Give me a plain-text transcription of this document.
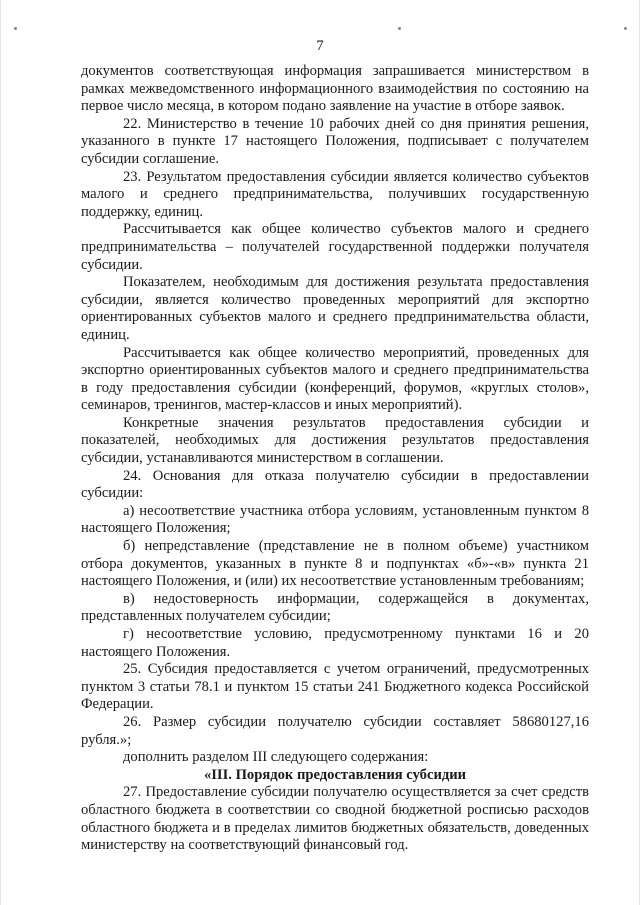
7

документов соответствующая информация запрашивается министерством в рамках межведомственного информационного взаимодействия по состоянию на первое число месяца, в котором подано заявление на участие в отборе заявок.

22. Министерство в течение 10 рабочих дней со дня принятия решения, указанного в пункте 17 настоящего Положения, подписывает с получателем субсидии соглашение.

23. Результатом предоставления субсидии является количество субъектов малого и среднего предпринимательства, получивших государственную поддержку, единиц.

Рассчитывается как общее количество субъектов малого и среднего предпринимательства – получателей государственной поддержки получателя субсидии.

Показателем, необходимым для достижения результата предоставления субсидии, является количество проведенных мероприятий для экспортно ориентированных субъектов малого и среднего предпринимательства области, единиц.

Рассчитывается как общее количество мероприятий, проведенных для экспортно ориентированных субъектов малого и среднего предпринимательства в году предоставления субсидии (конференций, форумов, «круглых столов», семинаров, тренингов, мастер-классов и иных мероприятий).

Конкретные значения результатов предоставления субсидии и показателей, необходимых для достижения результатов предоставления субсидии, устанавливаются министерством в соглашении.

24. Основания для отказа получателю субсидии в предоставлении субсидии:

а) несоответствие участника отбора условиям, установленным пунктом 8 настоящего Положения;

б) непредставление (представление не в полном объеме) участником отбора документов, указанных в пункте 8 и подпунктах «б»-«в» пункта 21 настоящего Положения, и (или) их несоответствие установленным требованиям;

в) недостоверность информации, содержащейся в документах, представленных получателем субсидии;

г) несоответствие условию, предусмотренному пунктами 16 и 20 настоящего Положения.

25. Субсидия предоставляется с учетом ограничений, предусмотренных пунктом 3 статьи 78.1 и пунктом 15 статьи 241 Бюджетного кодекса Российской Федерации.

26. Размер субсидии получателю субсидии составляет 58680127,16 рубля.»;

дополнить разделом III следующего содержания:

«III. Порядок предоставления субсидии

27. Предоставление субсидии получателю осуществляется за счет средств областного бюджета в соответствии со сводной бюджетной росписью расходов областного бюджета и в пределах лимитов бюджетных обязательств, доведенных министерству на соответствующий финансовый год.
